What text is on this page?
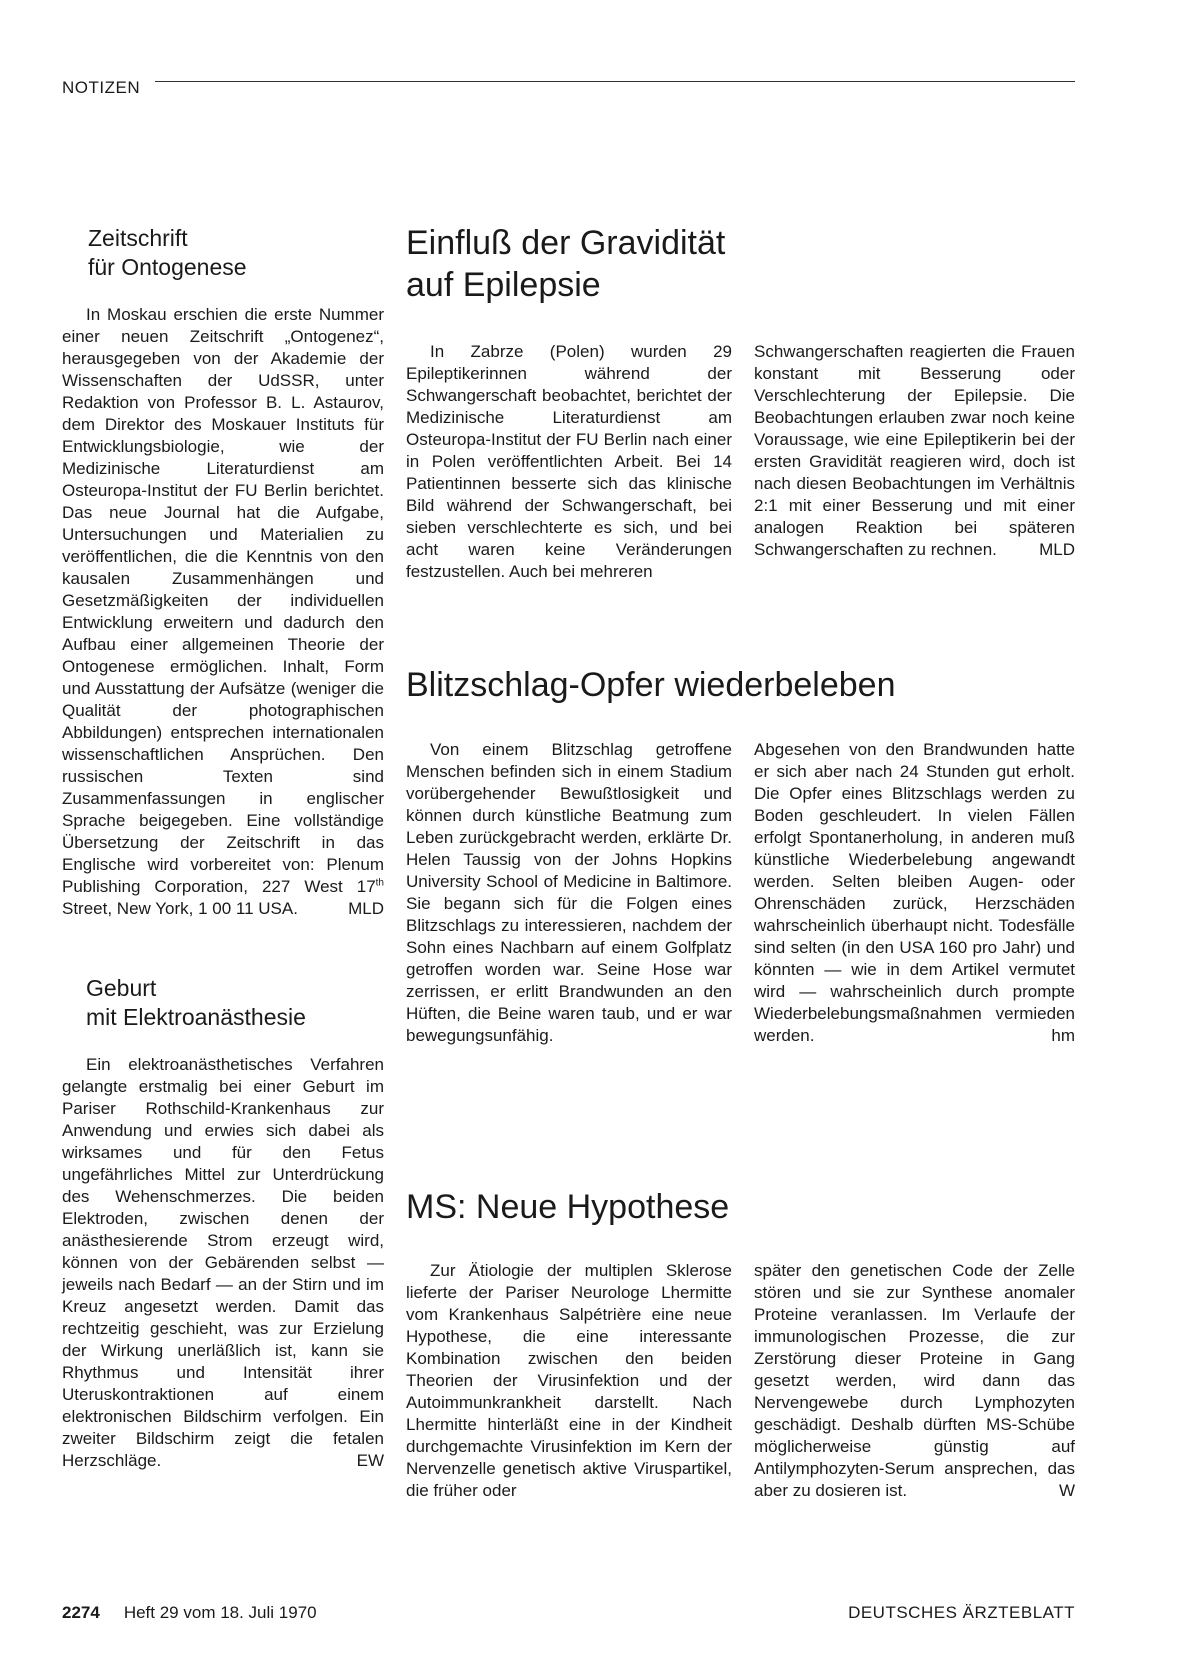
NOTIZEN
Zeitschrift
für Ontogenese

In Moskau erschien die erste Nummer einer neuen Zeitschrift „Ontogenez“, herausgegeben von der Akademie der Wissenschaften der UdSSR, unter Redaktion von Professor B. L. Astaurov, dem Direktor des Moskauer Instituts für Entwicklungsbiologie, wie der Medizinische Literaturdienst am Osteuropa-Institut der FU Berlin berichtet. Das neue Journal hat die Aufgabe, Untersuchungen und Materialien zu veröffentlichen, die die Kenntnis von den kausalen Zusammenhängen und Gesetzmäßigkeiten der individuellen Entwicklung erweitern und dadurch den Aufbau einer allgemeinen Theorie der Ontogenese ermöglichen. Inhalt, Form und Ausstattung der Aufsätze (weniger die Qualität der photographischen Abbildungen) entsprechen internationalen wissenschaftlichen Ansprüchen. Den russischen Texten sind Zusammenfassungen in englischer Sprache beigegeben. Eine vollständige Übersetzung der Zeitschrift in das Englische wird vorbereitet von: Plenum Publishing Corporation, 227 West 17th Street, New York, 1 00 11 USA.	MLD

Geburt
mit Elektroanästhesie

Ein elektroanästhetisches Verfahren gelangte erstmalig bei einer Geburt im Pariser Rothschild-Krankenhaus zur Anwendung und erwies sich dabei als wirksames und für den Fetus ungefährliches Mittel zur Unterdrückung des Wehenschmerzes. Die beiden Elektroden, zwischen denen der anästhesierende Strom erzeugt wird, können von der Gebärenden selbst — jeweils nach Bedarf — an der Stirn und im Kreuz angesetzt werden. Damit das rechtzeitig geschieht, was zur Erzielung der Wirkung unerläßlich ist, kann sie Rhythmus und Intensität ihrer Uteruskontraktionen auf einem elektronischen Bildschirm verfolgen. Ein zweiter Bildschirm zeigt die fetalen Herzschläge.	EW

Einfluß der Gravidität
auf Epilepsie

In Zabrze (Polen) wurden 29 Epileptikerinnen während der Schwangerschaft beobachtet, berichtet der Medizinische Literaturdienst am Osteuropa-Institut der FU Berlin nach einer in Polen veröffentlichten Arbeit. Bei 14 Patientinnen besserte sich das klinische Bild während der Schwangerschaft, bei sieben verschlechterte es sich, und bei acht waren keine Veränderungen festzustellen. Auch bei mehreren

Schwangerschaften reagierten die Frauen konstant mit Besserung oder Verschlechterung der Epilepsie. Die Beobachtungen erlauben zwar noch keine Voraussage, wie eine Epileptikerin bei der ersten Gravidität reagieren wird, doch ist nach diesen Beobachtungen im Verhältnis 2:1 mit einer Besserung und mit einer analogen Reaktion bei späteren Schwangerschaften zu rechnen. MLD

Blitzschlag-Opfer wiederbeleben

Von einem Blitzschlag getroffene Menschen befinden sich in einem Stadium vorübergehender Bewußtlosigkeit und können durch künstliche Beatmung zum Leben zurückgebracht werden, erklärte Dr. Helen Taussig von der Johns Hopkins University School of Medicine in Baltimore. Sie begann sich für die Folgen eines Blitzschlags zu interessieren, nachdem der Sohn eines Nachbarn auf einem Golfplatz getroffen worden war. Seine Hose war zerrissen, er erlitt Brandwunden an den Hüften, die Beine waren taub, und er war bewegungsunfähig.

Abgesehen von den Brandwunden hatte er sich aber nach 24 Stunden gut erholt. Die Opfer eines Blitzschlags werden zu Boden geschleudert. In vielen Fällen erfolgt Spontanerholung, in anderen muß künstliche Wiederbelebung angewandt werden. Selten bleiben Augen- oder Ohrenschäden zurück, Herzschäden wahrscheinlich überhaupt nicht. Todesfälle sind selten (in den USA 160 pro Jahr) und könnten — wie in dem Artikel vermutet wird — wahrscheinlich durch prompte Wiederbelebungsmaßnahmen vermieden werden.	hm

MS: Neue Hypothese

Zur Ätiologie der multiplen Sklerose lieferte der Pariser Neurologe Lhermitte vom Krankenhaus Salpétrière eine neue Hypothese, die eine interessante Kombination zwischen den beiden Theorien der Virusinfektion und der Autoimmunkrankheit darstellt. Nach Lhermitte hinterläßt eine in der Kindheit durchgemachte Virusinfektion im Kern der Nervenzelle genetisch aktive Viruspartikel, die früher oder

später den genetischen Code der Zelle stören und sie zur Synthese anomaler Proteine veranlassen. Im Verlaufe der immunologischen Prozesse, die zur Zerstörung dieser Proteine in Gang gesetzt werden, wird dann das Nervengewebe durch Lymphozyten geschädigt. Deshalb dürften MS-Schübe möglicherweise günstig auf Antilymphozyten-Serum ansprechen, das aber zu dosieren ist.	W

2274 Heft 29 vom 18. Juli 1970	DEUTSCHES ÄRZTEBLATT
